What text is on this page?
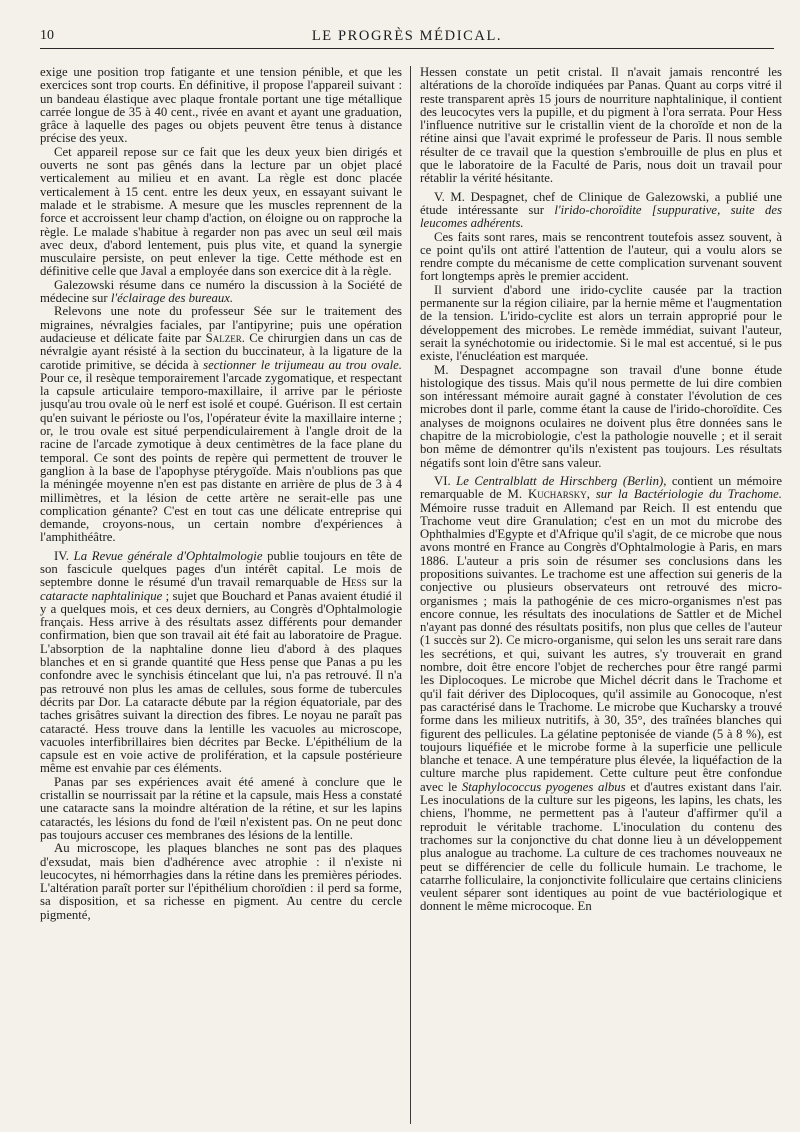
10	LE PROGRÈS MÉDICAL.

exige une position trop fatigante et une tension pénible, et que les exercices sont trop courts. En définitive, il propose l'appareil suivant : un bandeau élastique avec plaque frontale portant une tige métallique carrée longue de 35 à 40 cent., rivée en avant et ayant une graduation, grâce à laquelle des pages ou objets peuvent être tenus à distance précise des yeux.

Cet appareil repose sur ce fait que les deux yeux bien dirigés et ouverts ne sont pas gênés dans la lecture par un objet placé verticalement au milieu et en avant. La règle est donc placée verticalement à 15 cent. entre les deux yeux, en essayant suivant le malade et le strabisme. A mesure que les muscles reprennent de la force et accroissent leur champ d'action, on éloigne ou on rapproche la règle. Le malade s'habitue à regarder non pas avec un seul œil mais avec deux, d'abord lentement, puis plus vite, et quand la synergie musculaire persiste, on peut enlever la tige. Cette méthode est en définitive celle que Javal a employée dans son exercice dit à la règle.

Galezowski résume dans ce numéro la discussion à la Société de médecine sur l'éclairage des bureaux.

Relevons une note du professeur Sée sur le traitement des migraines, névralgies faciales, par l'antipyrine; puis une opération audacieuse et délicate faite par Salzer. Ce chirurgien dans un cas de névralgie ayant résisté à la section du buccinateur, à la ligature de la carotide primitive, se décida à sectionner le trijumeau au trou ovale. Pour ce, il resèque temporairement l'arcade zygomatique, et respectant la capsule articulaire temporo-maxillaire, il arrive par le périoste jusqu'au trou ovale où le nerf est isolé et coupé. Guérison. Il est certain qu'en suivant le périoste ou l'os, l'opérateur évite la maxillaire interne ; or, le trou ovale est situé perpendiculairement à l'angle droit de la racine de l'arcade zymotique à deux centimètres de la face plane du temporal. Ce sont des points de repère qui permettent de trouver le ganglion à la base de l'apophyse ptérygoïde. Mais n'oublions pas que la méningée moyenne n'en est pas distante en arrière de plus de 3 à 4 millimètres, et la lésion de cette artère ne serait-elle pas une complication génante? C'est en tout cas une délicate entreprise qui demande, croyons-nous, un certain nombre d'expériences à l'amphithéâtre.

IV. La Revue générale d'Ophtalmologie publie toujours en tête de son fascicule quelques pages d'un intérêt capital. Le mois de septembre donne le résumé d'un travail remarquable de Hess sur la cataracte naphtalinique ; sujet que Bouchard et Panas avaient étudié il y a quelques mois, et ces deux derniers, au Congrès d'Ophtalmologie français. Hess arrive à des résultats assez différents pour demander confirmation, bien que son travail ait été fait au laboratoire de Prague. L'absorption de la naphtaline donne lieu d'abord à des plaques blanches et en si grande quantité que Hess pense que Panas a pu les confondre avec le synchisis étincelant que lui, n'a pas retrouvé. Il n'a pas retrouvé non plus les amas de cellules, sous forme de tubercules décrits par Dor. La cataracte débute par la région équatoriale, par des taches grisâtres suivant la direction des fibres. Le noyau ne paraît pas cataracté. Hess trouve dans la lentille les vacuoles au microscope, vacuoles interfibrillaires bien décrites par Becke. L'épithélium de la capsule est en voie active de prolifération, et la capsule postérieure même est envahie par ces éléments.

Panas par ses expériences avait été amené à conclure que le cristallin se nourrissait par la rétine et la capsule, mais Hess a constaté une cataracte sans la moindre altération de la rétine, et sur les lapins cataractés, les lésions du fond de l'œil n'existent pas. On ne peut donc pas toujours accuser ces membranes des lésions de la lentille.

Au microscope, les plaques blanches ne sont pas des plaques d'exsudat, mais bien d'adhérence avec atrophie : il n'existe ni leucocytes, ni hémorrhagies dans la rétine dans les premières périodes. L'altération paraît porter sur l'épithélium choroïdien : il perd sa forme, sa disposition, et sa richesse en pigment. Au centre du cercle pigmenté,

Hessen constate un petit cristal. Il n'avait jamais rencontré les altérations de la choroïde indiquées par Panas. Quant au corps vitré il reste transparent après 15 jours de nourriture naphtalinique, il contient des leucocytes vers la pupille, et du pigment à l'ora serrata. Pour Hess l'influence nutritive sur le cristallin vient de la choroïde et non de la rétine ainsi que l'avait exprimé le professeur de Paris. Il nous semble résulter de ce travail que la question s'embrouille de plus en plus et que le laboratoire de la Faculté de Paris, nous doit un travail pour rétablir la vérité hésitante.

V. M. Despagnet, chef de Clinique de Galezowski, a publié une étude intéressante sur l'irido-choroïdite [suppurative, suite des leucomes adhérents.

Ces faits sont rares, mais se rencontrent toutefois assez souvent, à ce point qu'ils ont attiré l'attention de l'auteur, qui a voulu alors se rendre compte du mécanisme de cette complication survenant souvent fort longtemps après le premier accident.

Il survient d'abord une irido-cyclite causée par la traction permanente sur la région ciliaire, par la hernie même et l'augmentation de la tension. L'irido-cyclite est alors un terrain approprié pour le développement des microbes. Le remède immédiat, suivant l'auteur, serait la synéchotomie ou iridectomie. Si le mal est accentué, si le pus existe, l'énucléation est marquée.

M. Despagnet accompagne son travail d'une bonne étude histologique des tissus. Mais qu'il nous permette de lui dire combien son intéressant mémoire aurait gagné à constater l'évolution de ces microbes dont il parle, comme étant la cause de l'irido-choroïdite. Ces analyses de moignons oculaires ne doivent plus être données sans le chapitre de la microbiologie, c'est la pathologie nouvelle ; et il serait bon même de démontrer qu'ils n'existent pas toujours. Les résultats négatifs sont loin d'être sans valeur.

VI. Le Centralblatt de Hirschberg (Berlin), contient un mémoire remarquable de M. Kucharsky, sur la Bactériologie du Trachome. Mémoire russe traduit en Allemand par Reich. Il est entendu que Trachome veut dire Granulation; c'est en un mot du microbe des Ophthalmies d'Egypte et d'Afrique qu'il s'agit, de ce microbe que nous avons montré en France au Congrès d'Ophtalmologie à Paris, en mars 1886. L'auteur a pris soin de résumer ses conclusions dans les propositions suivantes. Le trachome est une affection sui generis de la conjective ou plusieurs observateurs ont retrouvé des micro-organismes ; mais la pathogénie de ces micro-organismes n'est pas encore connue, les résultats des inoculations de Sattler et de Michel n'ayant pas donné des résultats positifs, non plus que celles de l'auteur (1 succès sur 2). Ce micro-organisme, qui selon les uns serait rare dans les secrétions, et qui, suivant les autres, s'y trouverait en grand nombre, doit être encore l'objet de recherches pour être rangé parmi les Diplocoques. Le microbe que Michel décrit dans le Trachome et qu'il fait dériver des Diplocoques, qu'il assimile au Gonocoque, n'est pas caractérisé dans le Trachome. Le microbe que Kucharsky a trouvé forme dans les milieux nutritifs, à 30, 35°, des traînées blanches qui figurent des pellicules. La gélatine peptonisée de viande (5 à 8 %), est toujours liquéfiée et le microbe forme à la superficie une pellicule blanche et tenace. A une température plus élevée, la liquéfaction de la culture marche plus rapidement. Cette culture peut être confondue avec le Staphylococcus pyogenes albus et d'autres existant dans l'air. Les inoculations de la culture sur les pigeons, les lapins, les chats, les chiens, l'homme, ne permettent pas à l'auteur d'affirmer qu'il a reproduit le véritable trachome. L'inoculation du contenu des trachomes sur la conjonctive du chat donne lieu à un développement plus analogue au trachome. La culture de ces trachomes nouveaux ne peut se différencier de celle du follicule humain. Le trachome, le catarrhe folliculaire, la conjonctivite folliculaire que certains cliniciens veulent séparer sont identiques au point de vue bactériologique et donnent le même microcoque. En
